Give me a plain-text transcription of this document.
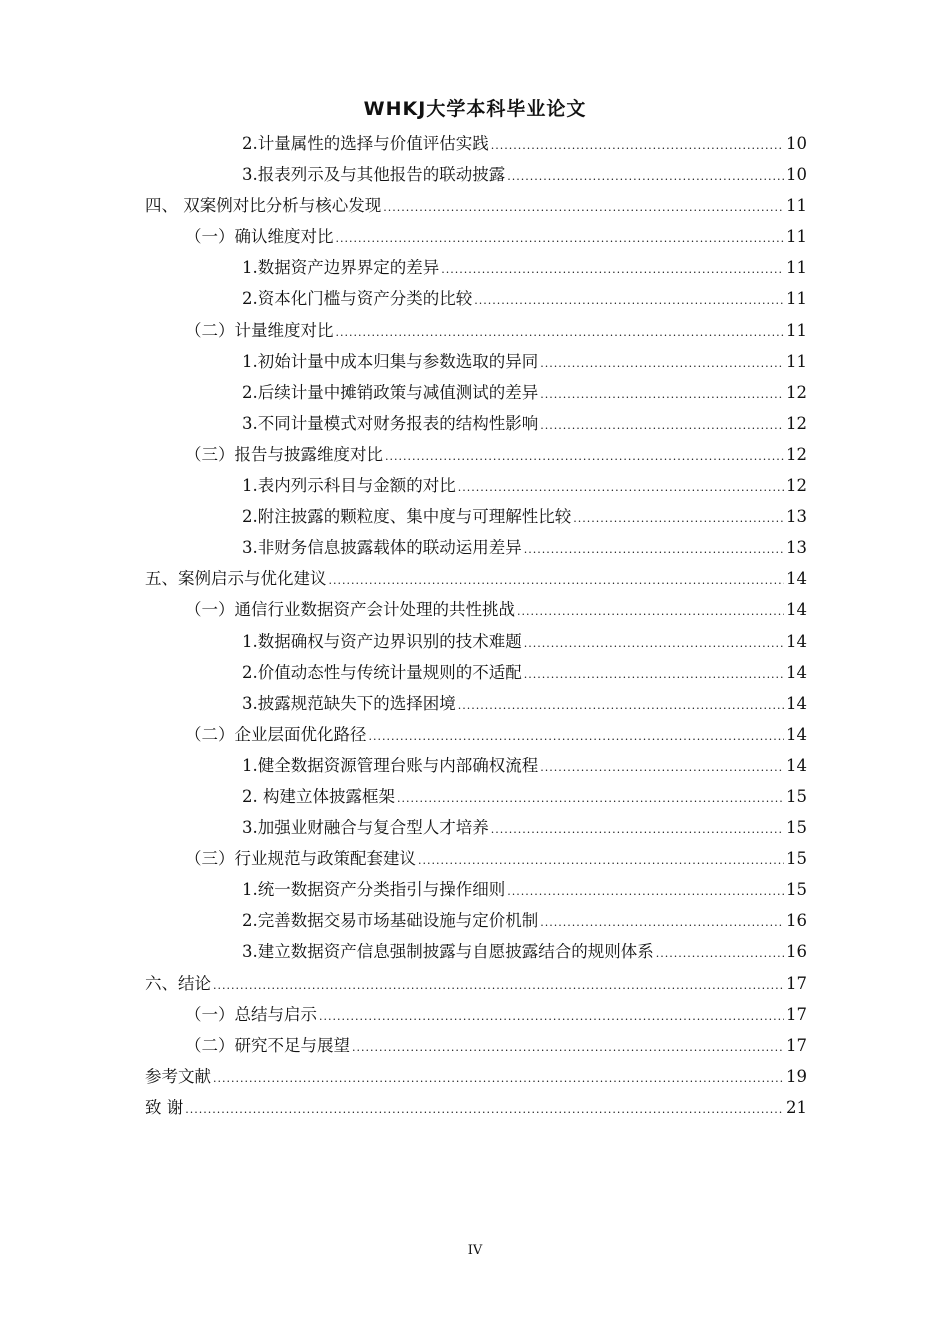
WHKJ大学本科毕业论文
2.计量属性的选择与价值评估实践 .....	10
3.报表列示及与其他报告的联动披露 .....	10
四、 双案例对比分析与核心发现 .....	11
（一）确认维度对比 .....	11
1.数据资产边界界定的差异 .....	11
2.资本化门槛与资产分类的比较 .....	11
（二）计量维度对比 .....	11
1.初始计量中成本归集与参数选取的异同 .....	11
2.后续计量中摊销政策与减值测试的差异 .....	12
3.不同计量模式对财务报表的结构性影响 .....	12
（三）报告与披露维度对比 .....	12
1.表内列示科目与金额的对比 .....	12
2.附注披露的颗粒度、集中度与可理解性比较 .....	13
3.非财务信息披露载体的联动运用差异 .....	13
五、案例启示与优化建议 .....	14
（一）通信行业数据资产会计处理的共性挑战 .....	14
1.数据确权与资产边界识别的技术难题 .....	14
2.价值动态性与传统计量规则的不适配 .....	14
3.披露规范缺失下的选择困境 .....	14
（二）企业层面优化路径 .....	14
1.健全数据资源管理台账与内部确权流程 .....	14
2. 构建立体披露框架 .....	15
3.加强业财融合与复合型人才培养 .....	15
（三）行业规范与政策配套建议 .....	15
1.统一数据资产分类指引与操作细则 .....	15
2.完善数据交易市场基础设施与定价机制 .....	16
3.建立数据资产信息强制披露与自愿披露结合的规则体系 .....	16
六、结论 .....	17
（一）总结与启示 .....	17
（二）研究不足与展望 .....	17
参考文献 .....	19
致 谢 .....	21
IV
